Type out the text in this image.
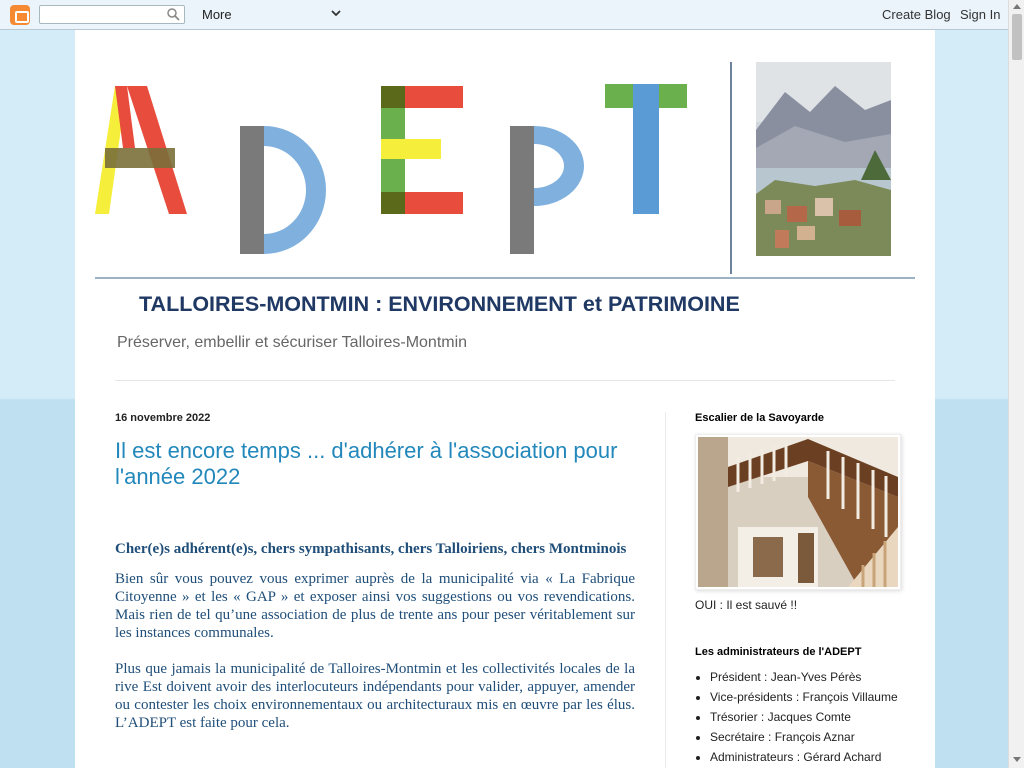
More	Create Blog Sign In
TALLOIRES-MONTMIN : ENVIRONNEMENT et PATRIMOINE
Préserver, embellir et sécuriser Talloires-Montmin
16 novembre 2022
Il est encore temps ... d'adhérer à l'association pour l'année 2022
Cher(e)s adhérent(e)s, chers sympathisants, chers Talloiriens, chers Montminois
Bien sûr vous pouvez vous exprimer auprès de la municipalité via « La Fabrique Citoyenne » et les « GAP » et exposer ainsi vos suggestions ou vos revendications. Mais rien de tel qu’une association de plus de trente ans pour peser véritablement sur les instances communales.
Plus que jamais la municipalité de Talloires-Montmin et les collectivités locales de la rive Est doivent avoir des interlocuteurs indépendants pour valider, appuyer, amender ou contester les choix environnementaux ou architecturaux mis en œuvre par les élus. L’ADEPT est faite pour cela.
Escalier de la Savoyarde
OUI : Il est sauvé !!
Les administrateurs de l'ADEPT
• Président : Jean-Yves Pérès
• Vice-présidents : François Villaume
• Trésorier : Jacques Comte
• Secrétaire : François Aznar
• Administrateurs : Gérard Achard
